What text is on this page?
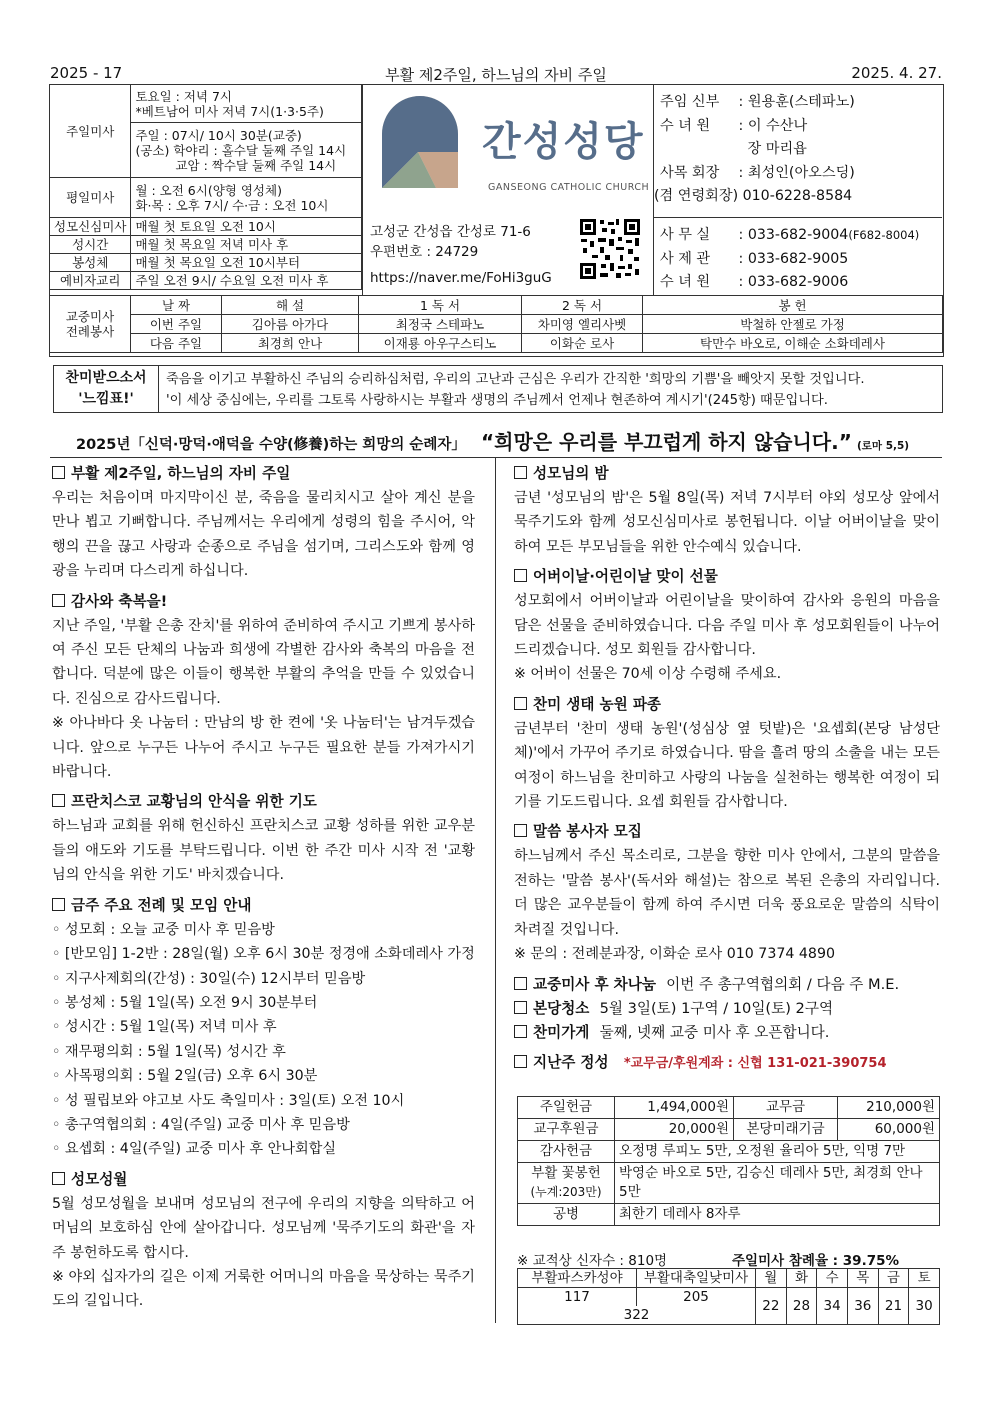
2025 - 17	부활 제2주일, 하느님의 자비 주일	2025. 4. 27.
주일미사	토요일 : 저녁 7시
*베트남어 미사 저녁 7시(1·3·5주)

	주일 : 07시/ 10시 30분(교중)
(공소) 학야리 : 홀수달 둘째 주일 14시
교암 : 짝수달 둘째 주일 14시

평일미사	월 : 오전 6시(양형 영성체)
화·목 : 오후 7시/ 수·금 : 오전 10시

성모신심미사	매월 첫 토요일 오전 10시
성시간	매월 첫 목요일 저녁 미사 후
봉성체	매월 첫 목요일 오전 10시부터
예비자교리	주일 오전 9시/ 수요일 오전 미사 후
간성성당
GANSEONG CATHOLIC CHURCH
고성군 간성읍 간성로 71-6
우편번호 : 24729
https://naver.me/FoHi3guG
주임 신부 : 원용훈(스테파노)
수 녀 원 : 이 수산나
장 마리욥
사목 회장 : 최성인(아오스딩)
(겸 연령회장) 010-6228-8584
사 무 실 : 033-682-9004(F682-8004)
사 제 관 : 033-682-9005
수 녀 원 : 033-682-9006
교중미사
전례봉사	날 짜	해 설	1 독 서	2 독 서	봉 헌
	이번 주일	김아름 아가다	최정국 스테파노	차미영 엘리사벳	박철하 안젤로 가정
	다음 주일	최경희 안나	이재룡 아우구스티노	이화순 로사	탁만수 바오로, 이해순 소화데레사
찬미받으소서
'느낌표!'
죽음을 이기고 부활하신 주님의 승리하심처럼, 우리의 고난과 근심은 우리가 간직한 '희망의 기쁨'을 빼앗지 못할 것입니다.
'이 세상 중심에는, 우리를 그토록 사랑하시는 부활과 생명의 주님께서 언제나 현존하여 계시기'(245항) 때문입니다.
2025년「신덕·망덕·애덕을 수양(修養)하는 희망의 순례자」 “희망은 우리를 부끄럽게 하지 않습니다.” (로마 5,5)
부활 제2주일, 하느님의 자비 주일

우리는 처음이며 마지막이신 분, 죽음을 물리치시고 살아 계신 분을 만나 뵙고 기뻐합니다. 주님께서는 우리에게 성령의 힘을 주시어, 악행의 끈을 끊고 사랑과 순종으로 주님을 섬기며, 그리스도와 함께 영광을 누리며 다스리게 하십니다.

감사와 축복을!

지난 주일, '부활 은총 잔치'를 위하여 준비하여 주시고 기쁘게 봉사하여 주신 모든 단체의 나눔과 희생에 각별한 감사와 축복의 마음을 전합니다. 덕분에 많은 이들이 행복한 부활의 추억을 만들 수 있었습니다. 진심으로 감사드립니다.

※ 아나바다 옷 나눔터 : 만남의 방 한 켠에 '옷 나눔터'는 남겨두겠습니다. 앞으로 누구든 나누어 주시고 누구든 필요한 분들 가져가시기 바랍니다.

프란치스코 교황님의 안식을 위한 기도

하느님과 교회를 위해 헌신하신 프란치스코 교황 성하를 위한 교우분들의 애도와 기도를 부탁드립니다. 이번 한 주간 미사 시작 전 '교황님의 안식을 위한 기도' 바치겠습니다.

금주 주요 전례 및 모임 안내
◦ 성모회 : 오늘 교중 미사 후 믿음방
◦ [반모임] 1-2반 : 28일(월) 오후 6시 30분 정경애 소화데레사 가정
◦ 지구사제회의(간성) : 30일(수) 12시부터 믿음방
◦ 봉성체 : 5월 1일(목) 오전 9시 30분부터
◦ 성시간 : 5월 1일(목) 저녁 미사 후
◦ 재무평의회 : 5월 1일(목) 성시간 후
◦ 사목평의회 : 5월 2일(금) 오후 6시 30분
◦ 성 필립보와 야고보 사도 축일미사 : 3일(토) 오전 10시
◦ 총구역협의회 : 4일(주일) 교중 미사 후 믿음방
◦ 요셉회 : 4일(주일) 교중 미사 후 안나회합실
성모성월

5월 성모성월을 보내며 성모님의 전구에 우리의 지향을 의탁하고 어머님의 보호하심 안에 살아갑니다. 성모님께 '묵주기도의 화관'을 자주 봉헌하도록 합시다.

※ 야외 십자가의 길은 이제 거룩한 어머니의 마음을 묵상하는 묵주기도의 길입니다.

성모님의 밤

금년 '성모님의 밤'은 5월 8일(목) 저녁 7시부터 야외 성모상 앞에서 묵주기도와 함께 성모신심미사로 봉헌됩니다. 이날 어버이날을 맞이하여 모든 부모님들을 위한 안수예식 있습니다.

어버이날·어린이날 맞이 선물

성모회에서 어버이날과 어린이날을 맞이하여 감사와 응원의 마음을 담은 선물을 준비하였습니다. 다음 주일 미사 후 성모회원들이 나누어 드리겠습니다. 성모 회원들 감사합니다.

※ 어버이 선물은 70세 이상 수령해 주세요.

찬미 생태 농원 파종

금년부터 '찬미 생태 농원'(성심상 옆 텃밭)은 '요셉회(본당 남성단체)'에서 가꾸어 주기로 하였습니다. 땀을 흘려 땅의 소출을 내는 모든 여정이 하느님을 찬미하고 사랑의 나눔을 실천하는 행복한 여정이 되기를 기도드립니다. 요셉 회원들 감사합니다.

말씀 봉사자 모집

하느님께서 주신 목소리로, 그분을 향한 미사 안에서, 그분의 말씀을 전하는 '말씀 봉사'(독서와 해설)는 참으로 복된 은총의 자리입니다. 더 많은 교우분들이 함께 하여 주시면 더욱 풍요로운 말씀의 식탁이 차려질 것입니다.

※ 문의 : 전례분과장, 이화순 로사 010 7374 4890

교중미사 후 차나눔 이번 주 총구역협의회 / 다음 주 M.E.
본당청소 5월 3일(토) 1구역 / 10일(토) 2구역
찬미가게 둘째, 넷째 교중 미사 후 오픈합니다.
지난주 정성 *교무금/후원계좌 : 신협 131-021-390754
주일헌금	1,494,000원	교무금	210,000원
교구후원금	20,000원	본당미래기금	60,000원
감사헌금	오정명 루피노 5만, 오정원 율리아 5만, 익명 7만		

부활 꽃봉헌
(누계:203만)	박영순 바오로 5만, 김승신 데레사 5만, 최경희 안나 5만		
공병	최한기 데레사 8자루		
※ 교적상 신자수 : 810명	주일미사 참례율 : 39.75%
부활파스카성야	부활대축일낮미사	월	화	수	목	금	토
117	205	22	28	34	36	21	30
322							
